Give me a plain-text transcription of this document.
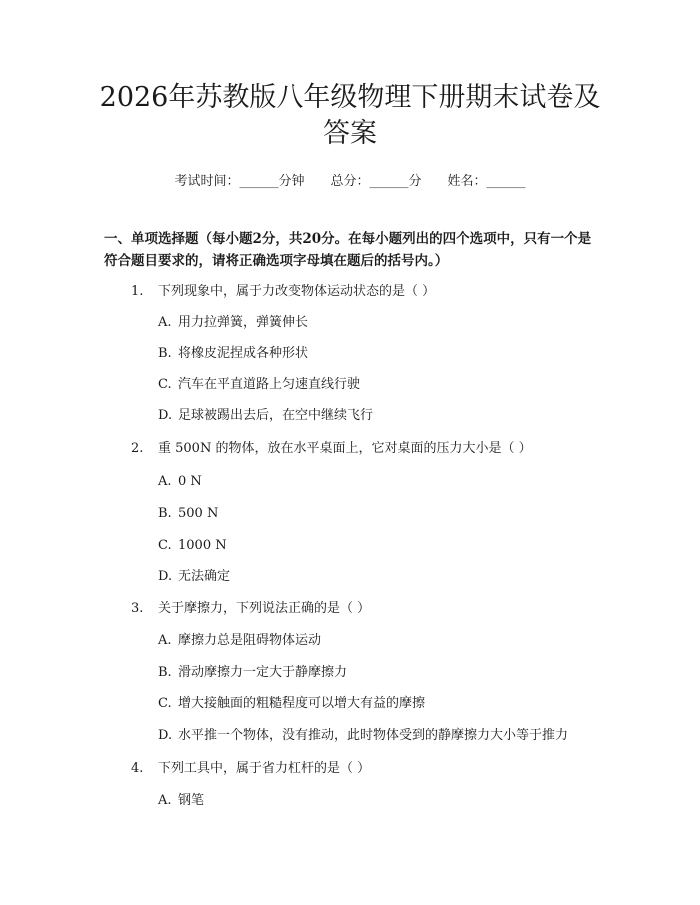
2026年苏教版八年级物理下册期末试卷及答案
考试时间：______分钟 总分：______分 姓名：______

一、单项选择题（每小题2分，共20分。在每小题列出的四个选项中，只有一个是符合题目要求的，请将正确选项字母填在题后的括号内。）

1. 下列现象中，属于力改变物体运动状态的是（ ）
A. 用力拉弹簧，弹簧伸长
B. 将橡皮泥捏成各种形状
C. 汽车在平直道路上匀速直线行驶
D. 足球被踢出去后，在空中继续飞行
2. 重 500N 的物体，放在水平桌面上，它对桌面的压力大小是（ ）
A. 0 N
B. 500 N
C. 1000 N
D. 无法确定
3. 关于摩擦力，下列说法正确的是（ ）
A. 摩擦力总是阻碍物体运动
B. 滑动摩擦力一定大于静摩擦力
C. 增大接触面的粗糙程度可以增大有益的摩擦
D. 水平推一个物体，没有推动，此时物体受到的静摩擦力大小等于推力
4. 下列工具中，属于省力杠杆的是（ ）
A. 钢笔
